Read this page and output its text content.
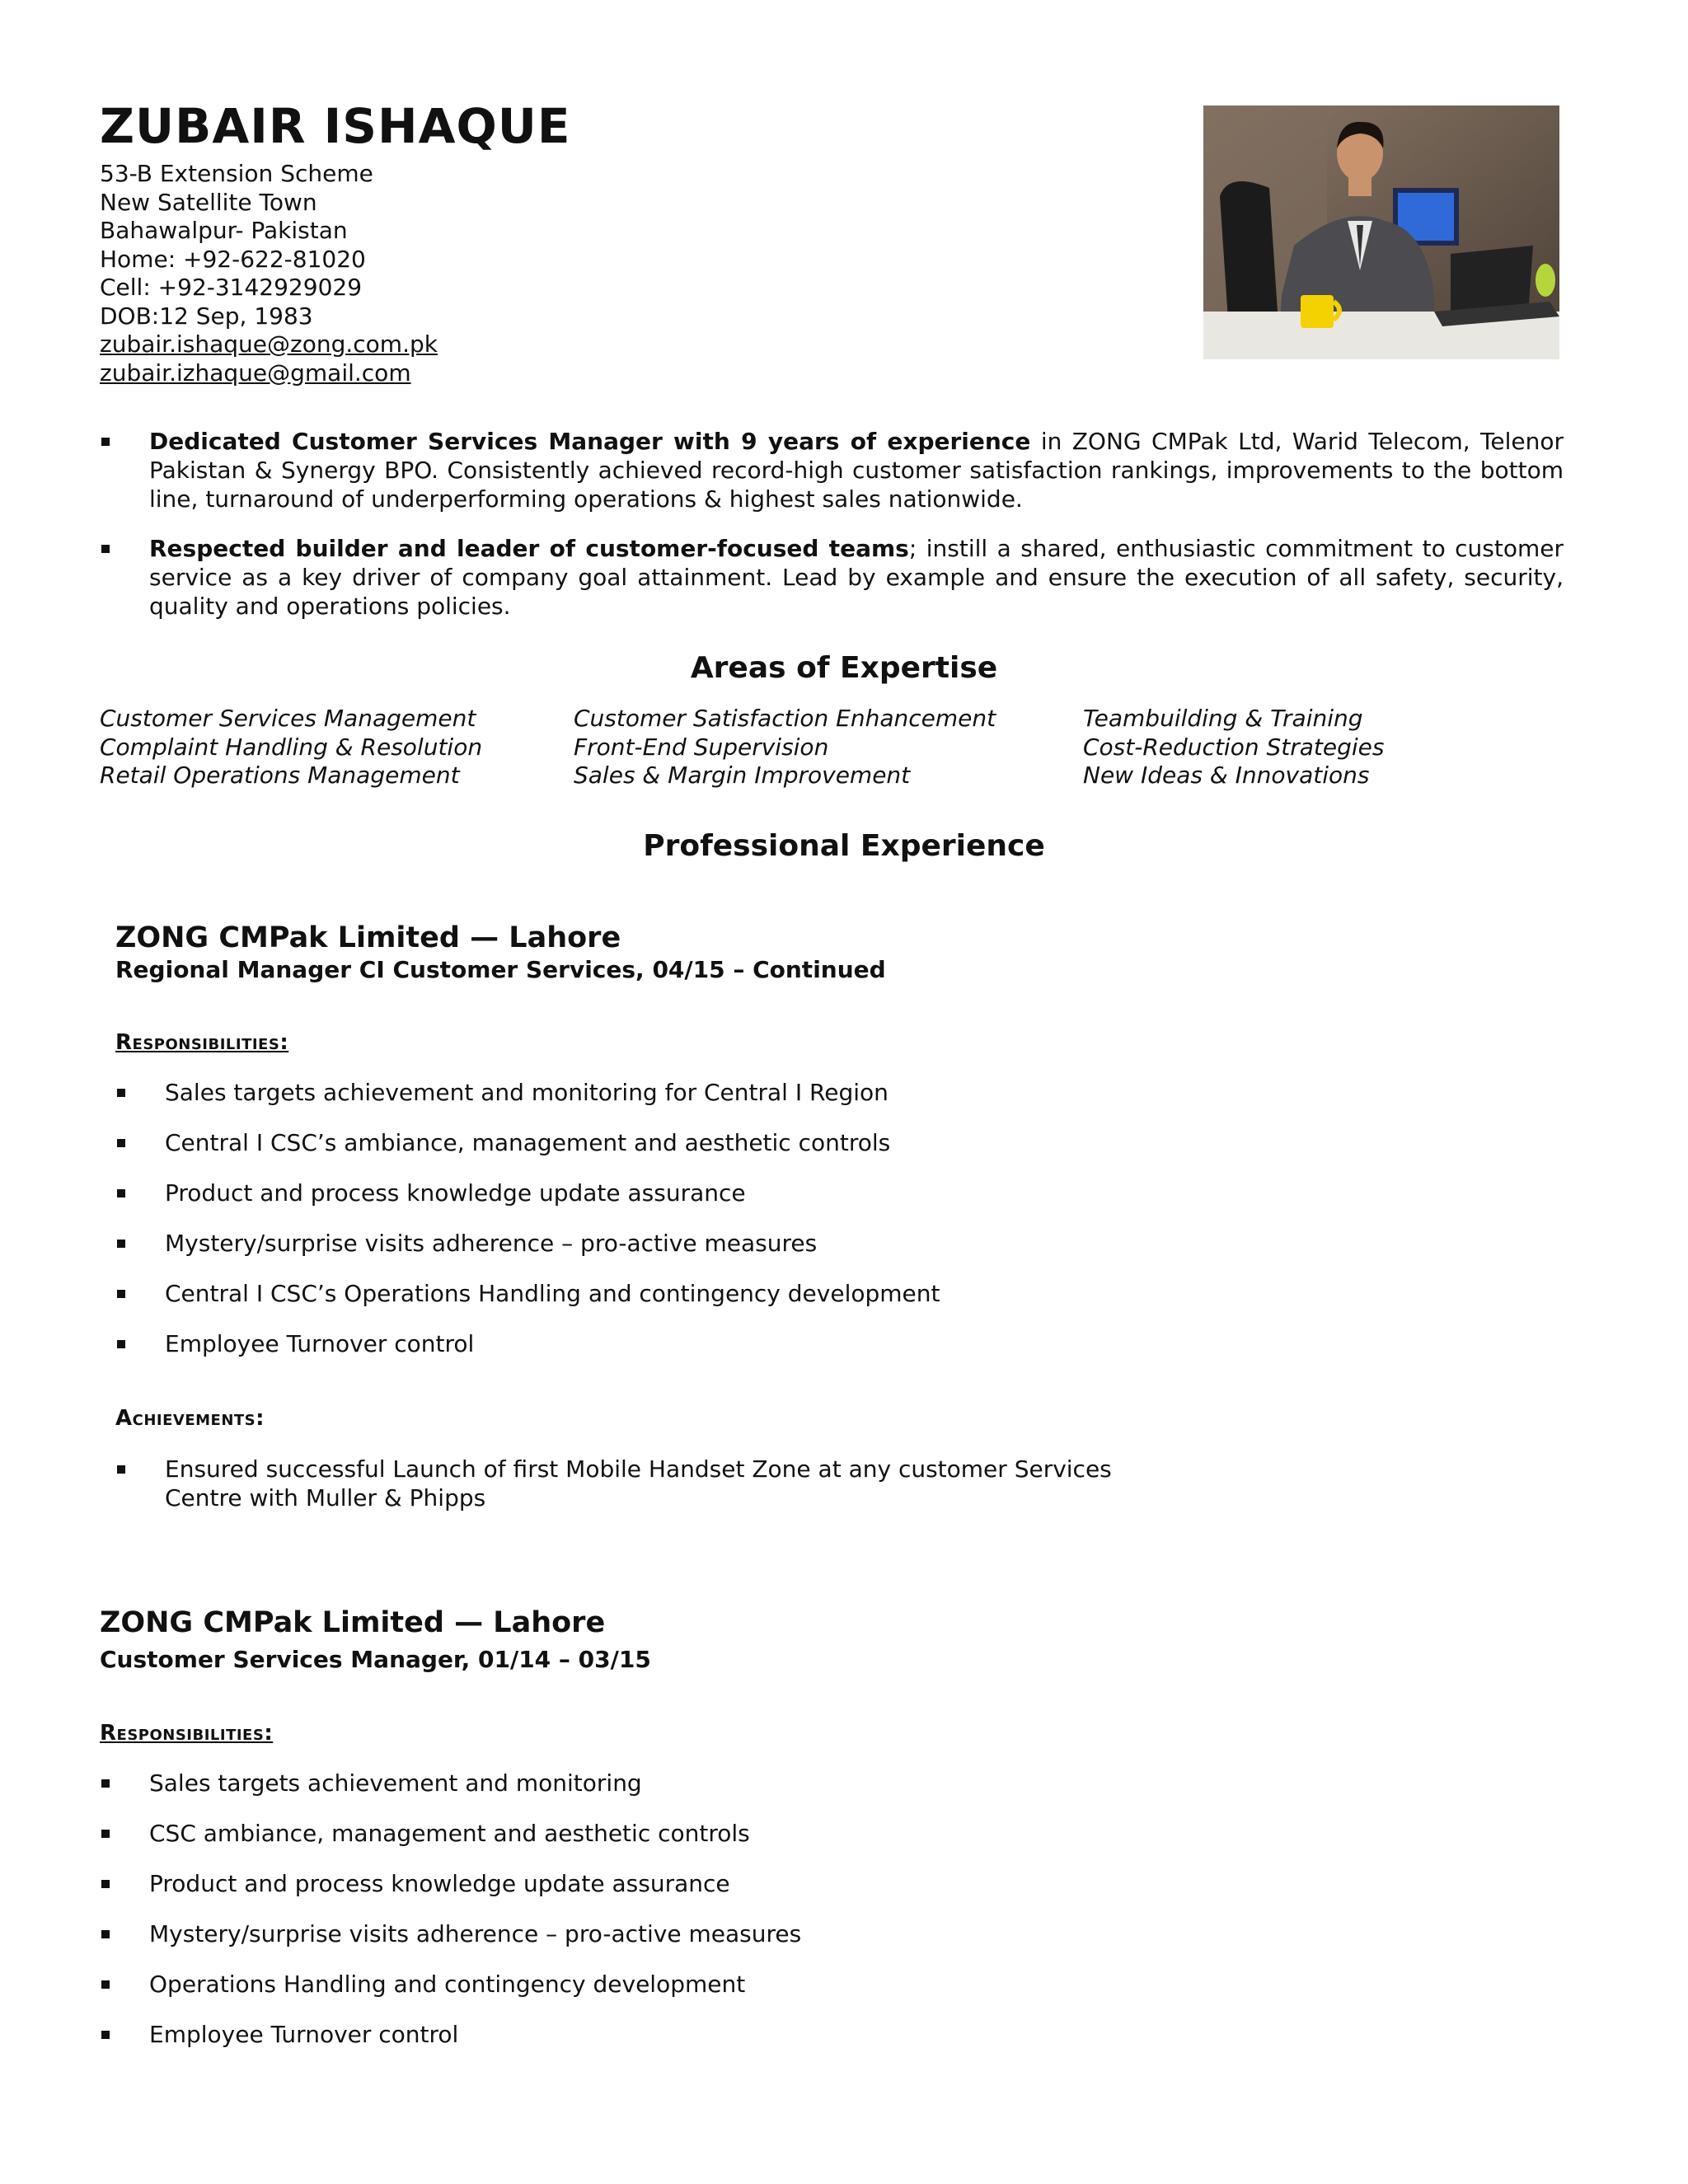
ZUBAIR ISHAQUE
53-B Extension Scheme
New Satellite Town
Bahawalpur- Pakistan
Home: +92-622-81020
Cell: +92-3142929029
DOB:12 Sep, 1983
zubair.ishaque@zong.com.pk
zubair.izhaque@gmail.com
Dedicated Customer Services Manager with 9 years of experience in ZONG CMPak Ltd, Warid Telecom, Telenor Pakistan & Synergy BPO. Consistently achieved record-high customer satisfaction rankings, improvements to the bottom line, turnaround of underperforming operations & highest sales nationwide.
Respected builder and leader of customer-focused teams; instill a shared, enthusiastic commitment to customer service as a key driver of company goal attainment. Lead by example and ensure the execution of all safety, security, quality and operations policies.
Areas of Expertise
Customer Services Management
Complaint Handling & Resolution
Retail Operations Management
Customer Satisfaction Enhancement
Front-End Supervision
Sales & Margin Improvement
Teambuilding & Training
Cost-Reduction Strategies
New Ideas & Innovations
Professional Experience
ZONG CMPak Limited — Lahore
Regional Manager CI Customer Services, 04/15 – Continued
Responsibilities:
Sales targets achievement and monitoring for Central I Region
Central I CSC’s ambiance, management and aesthetic controls
Product and process knowledge update assurance
Mystery/surprise visits adherence – pro-active measures
Central I CSC’s Operations Handling and contingency development
Employee Turnover control
Achievements:
Ensured successful Launch of first Mobile Handset Zone at any customer Services
Centre with Muller & Phipps
ZONG CMPak Limited — Lahore
Customer Services Manager, 01/14 – 03/15
Responsibilities:
Sales targets achievement and monitoring
CSC ambiance, management and aesthetic controls
Product and process knowledge update assurance
Mystery/surprise visits adherence – pro-active measures
Operations Handling and contingency development
Employee Turnover control
